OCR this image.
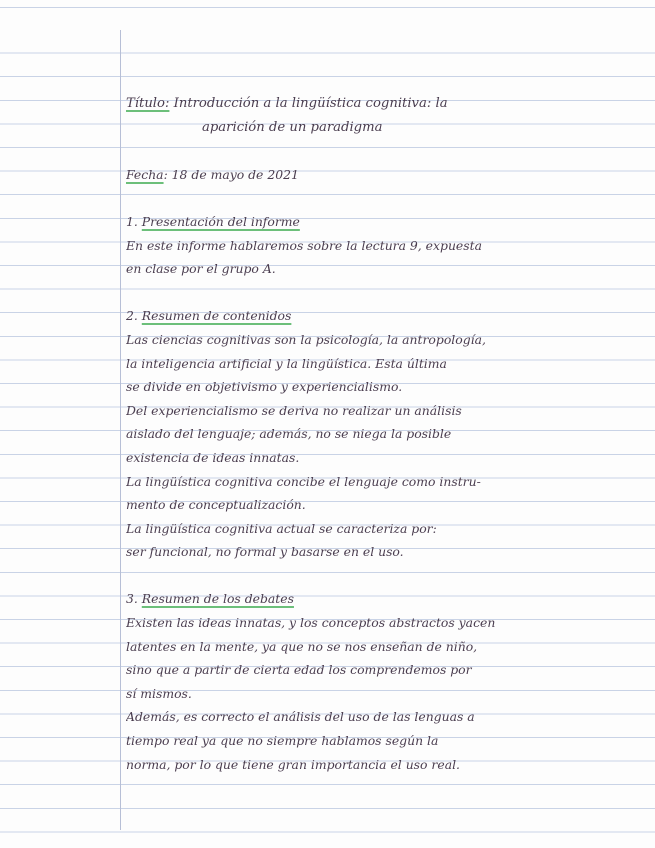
Título: Introducción a la lingüística cognitiva: la
aparición de un paradigma
Fecha: 18 de mayo de 2021
1. Presentación del informe
En este informe hablaremos sobre la lectura 9, expuesta
en clase por el grupo A.
2. Resumen de contenidos
Las ciencias cognitivas son la psicología, la antropología,
la inteligencia artificial y la lingüística. Esta última
se divide en objetivismo y experiencialismo.
Del experiencialismo se deriva no realizar un análisis
aislado del lenguaje; además, no se niega la posible
existencia de ideas innatas.
La lingüística cognitiva concibe el lenguaje como instru-
mento de conceptualización.
La lingüística cognitiva actual se caracteriza por:
ser funcional, no formal y basarse en el uso.
3. Resumen de los debates
Existen las ideas innatas, y los conceptos abstractos yacen
latentes en la mente, ya que no se nos enseñan de niño,
sino que a partir de cierta edad los comprendemos por
sí mismos.
Además, es correcto el análisis del uso de las lenguas a
tiempo real ya que no siempre hablamos según la
norma, por lo que tiene gran importancia el uso real.
